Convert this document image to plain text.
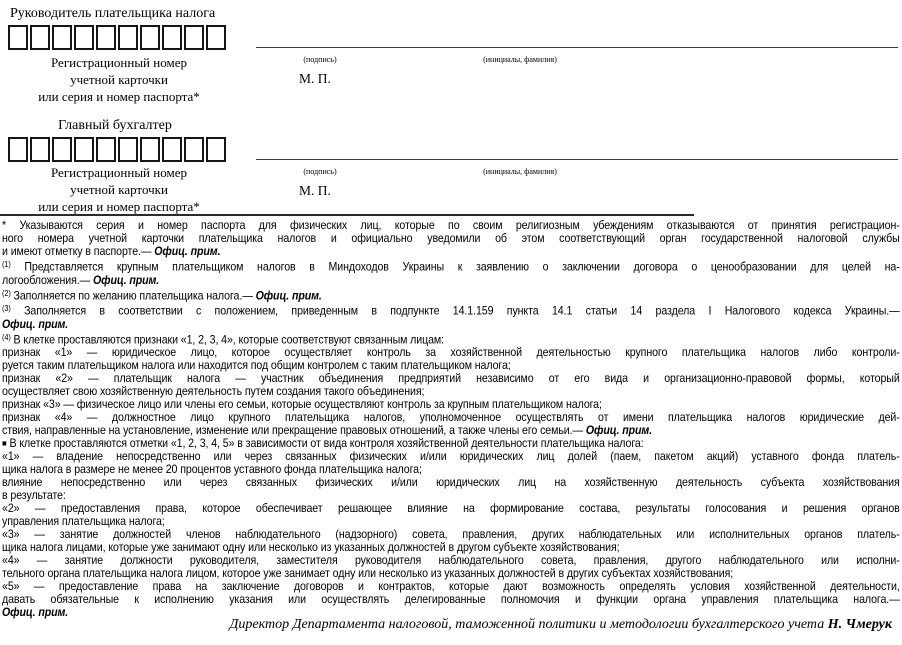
Руководитель плательщика налога
Регистрационный номер
учетной карточки
или серия и номер паспорта*
(подпись)	(инициалы, фамилия)
М. П.
Главный бухгалтер
Регистрационный номер
учетной карточки
или серия и номер паспорта*
(подпись)	(инициалы, фамилия)
М. П.
* Указываются серия и номер паспорта для физических лиц, которые по своим религиозным убеждениям отказываются от принятия регистрацион-
ного номера учетной карточки плательщика налогов и официально уведомили об этом соответствующий орган государственной налоговой службы
и имеют отметку в паспорте.— Офиц. прим.
$^{(1)}$ Представляется крупным плательщиком налогов в Миндоходов Украины к заявлению о заключении договора о ценообразовании для целей на-
логообложения.— Офиц. прим.
$^{(2)}$ Заполняется по желанию плательщика налога.— Офиц. прим.
$^{(3)}$ Заполняется в соответствии с положением, приведенным в подпункте 14.1.159 пункта 14.1 статьи 14 раздела I Налогового кодекса Украины.—
Офиц. прим.
$^{(4)}$ В клетке проставляются признаки «1, 2, 3, 4», которые соответствуют связанным лицам:
признак «1» — юридическое лицо, которое осуществляет контроль за хозяйственной деятельностью крупного плательщика налогов либо контроли-
руется таким плательщиком налога или находится под общим контролем с таким плательщиком налога;
признак «2» — плательщик налога — участник объединения предприятий независимо от его вида и организационно-правовой формы, который
осуществляет свою хозяйственную деятельность путем создания такого объединения;
признак «3» — физическое лицо или члены его семьи, которые осуществляют контроль за крупным плательщиком налога;
признак «4» — должностное лицо крупного плательщика налогов, уполномоченное осуществлять от имени плательщика налогов юридические дей-
ствия, направленные на установление, изменение или прекращение правовых отношений, а также члены его семьи.— Офиц. прим.
■ В клетке проставляются отметки «1, 2, 3, 4, 5» в зависимости от вида контроля хозяйственной деятельности плательщика налога:
«1» — владение непосредственно или через связанных физических и/или юридических лиц долей (паем, пакетом акций) уставного фонда платель-
щика налога в размере не менее 20 процентов уставного фонда плательщика налога;
влияние непосредственно или через связанных физических и/или юридических лиц на хозяйственную деятельность субъекта хозяйствования
в результате:
«2» — предоставления права, которое обеспечивает решающее влияние на формирование состава, результаты голосования и решения органов
управления плательщика налога;
«3» — занятие должностей членов наблюдательного (надзорного) совета, правления, других наблюдательных или исполнительных органов платель-
щика налога лицами, которые уже занимают одну или несколько из указанных должностей в другом субъекте хозяйствования;
«4» — занятие должности руководителя, заместителя руководителя наблюдательного совета, правления, другого наблюдательного или исполни-
тельного органа плательщика налога лицом, которое уже занимает одну или несколько из указанных должностей в других субъектах хозяйствования;
«5» — предоставление права на заключение договоров и контрактов, которые дают возможность определять условия хозяйственной деятельности,
давать обязательные к исполнению указания или осуществлять делегированные полномочия и функции органа управления плательщика налога.—
Офиц. прим.
Директор Департамента налоговой, таможенной политики и методологии бухгалтерского учета Н. Чмерук
